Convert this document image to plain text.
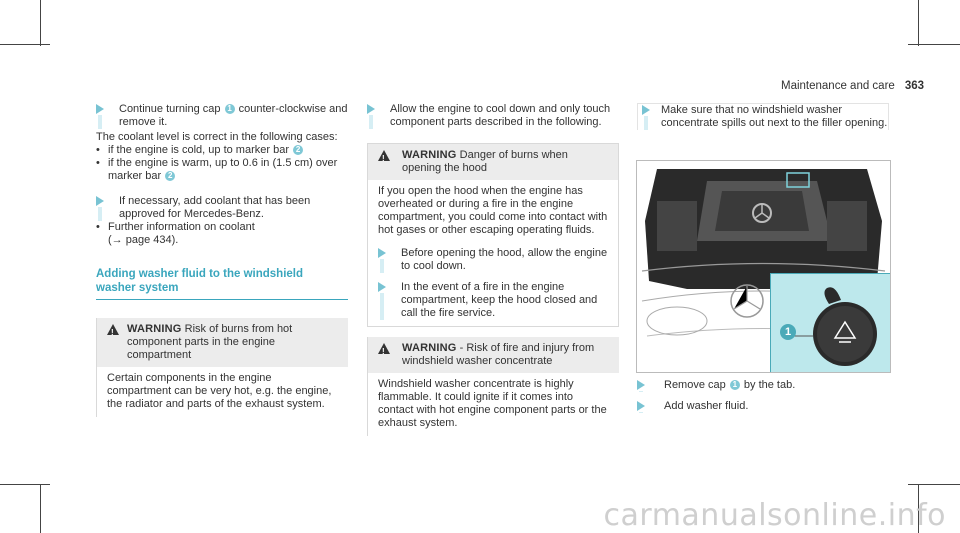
Maintenance and care 363
Continue turning cap 1 counter-clockwise and remove it.

The coolant level is correct in the following cases:

• if the engine is cold, up to marker bar 2
• if the engine is warm, up to 0.6 in (1.5 cm) over marker bar 2
If necessary, add coolant that has been approved for Mercedes-Benz.
• Further information on coolant

(→ page 434).

Adding washer fluid to the windshield washer system

!
WARNING Risk of burns from hot component parts in the engine compartment
Certain components in the engine compartment can be very hot, e.g. the engine, the radiator and parts of the exhaust system.
Allow the engine to cool down and only touch component parts described in the following.
!
WARNING Danger of burns when opening the hood

If you open the hood when the engine has overheated or during a fire in the engine compartment, you could come into contact with hot gases or other escaping operating fluids.

Before opening the hood, allow the engine to cool down.
In the event of a fire in the engine compartment, keep the hood closed and call the fire service.
!
WARNING - Risk of fire and injury from windshield washer concentrate
Windshield washer concentrate is highly flammable. It could ignite if it comes into contact with hot engine component parts or the exhaust system.
Make sure that no windshield washer concentrate spills out next to the filler opening.
1
Remove cap 1 by the tab.
Add washer fluid.
carmanualsonline.info
